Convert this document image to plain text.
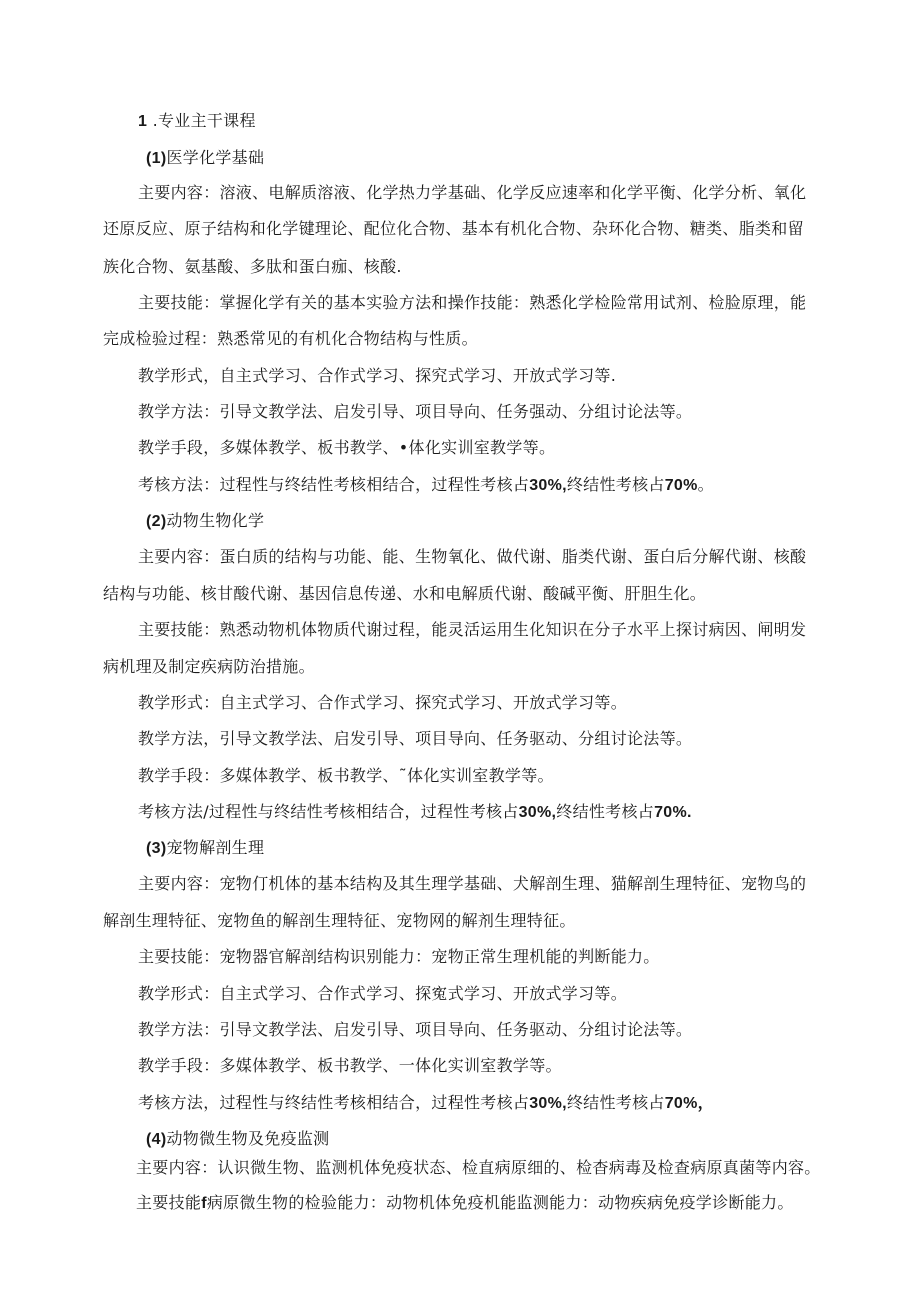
1 .专业主干课程
(1)医学化学基础
主要内容：溶液、电解质溶液、化学热力学基础、化学反应速率和化学平衡、化学分析、氧化
还原反应、原子结构和化学键理论、配位化合物、基本有机化合物、杂环化合物、糖类、脂类和留
族化合物、氨基酸、多肽和蛋白痂、核酸.
主要技能：掌握化学有关的基本实验方法和操作技能：熟悉化学检险常用试剂、检脸原理，能
完成检验过程：熟悉常见的有机化合物结构与性质。
教学形式，自主式学习、合作式学习、探究式学习、开放式学习等.
教学方法：引导文教学法、启发引导、项目导向、任务强动、分组讨论法等。
教学手段，多媒体教学、板书教学、•体化实训室教学等。
考核方法：过程性与终结性考核相结合，过程性考核占30%,终结性考核占70%。
(2)动物生物化学
主要内容：蛋白质的结构与功能、能、生物氧化、做代谢、脂类代谢、蛋白后分解代谢、核酸
结构与功能、核甘酸代谢、基因信息传递、水和电解质代谢、酸碱平衡、肝胆生化。
主要技能：熟悉动物机体物质代谢过程，能灵活运用生化知识在分子水平上探讨病因、闸明发
病机理及制定疾病防治措施。
教学形式：自主式学习、合作式学习、探究式学习、开放式学习等。
教学方法，引导文教学法、启发引导、项目导向、任务驱动、分组讨论法等。
教学手段：多媒体教学、板书教学、˜体化实训室教学等。
考核方法/过程性与终结性考核相结合，过程性考核占30%,终结性考核占70%.
(3)宠物解剖生理
主要内容：宠物仃机体的基本结构及其生理学基础、犬解剖生理、猫解剖生理特征、宠物鸟的
解剖生理特征、宠物鱼的解剖生理特征、宠物网的解剂生理特征。
主要技能：宠物器官解剖结构识别能力：宠物正常生理机能的判断能力。
教学形式：自主式学习、合作式学习、探寃式学习、开放式学习等。
教学方法：引导文教学法、启发引导、项目导向、任务驱动、分组讨论法等。
教学手段：多媒体教学、板书教学、一体化实训室教学等。
考核方法，过程性与终结性考核相结合，过程性考核占30%,终结性考核占70%，
(4)动物微生物及免疫监测
主要内容：认识微生物、监测机体免疫状态、检直病原细的、检杳病毒及检查病原真菌等内容。
主要技能f病原微生物的检验能力：动物机体免疫机能监测能力：动物疾病免疫学诊断能力。
